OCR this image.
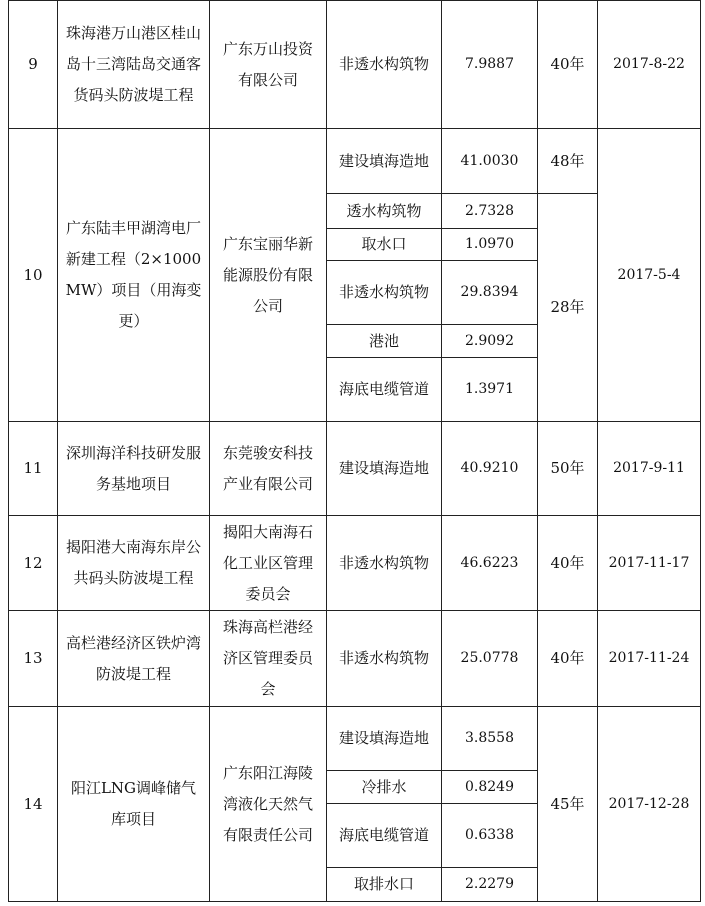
9	珠海港万山港区桂山岛十三湾陆岛交通客货码头防波堤工程	广东万山投资有限公司	非透水构筑物	7.9887	40年	2017-8-22
10	广东陆丰甲湖湾电厂新建工程（2×1000MW）项目（用海变更）	广东宝丽华新能源股份有限公司	建设填海造地	41.0030	48年	2017-5-4
			透水构筑物	2.7328	28年	
			取水口	1.0970		
			非透水构筑物	29.8394		
			港池	2.9092		
			海底电缆管道	1.3971		
11	深圳海洋科技研发服务基地项目	东莞骏安科技产业有限公司	建设填海造地	40.9210	50年	2017-9-11
12	揭阳港大南海东岸公共码头防波堤工程	揭阳大南海石化工业区管理委员会	非透水构筑物	46.6223	40年	2017-11-17
13	高栏港经济区铁炉湾防波堤工程	珠海高栏港经济区管理委员会	非透水构筑物	25.0778	40年	2017-11-24
14	阳江LNG调峰储气库项目	广东阳江海陵湾液化天然气有限责任公司	建设填海造地	3.8558	45年	2017-12-28
			冷排水	0.8249		
			海底电缆管道	0.6338		
			取排水口	2.2279		
